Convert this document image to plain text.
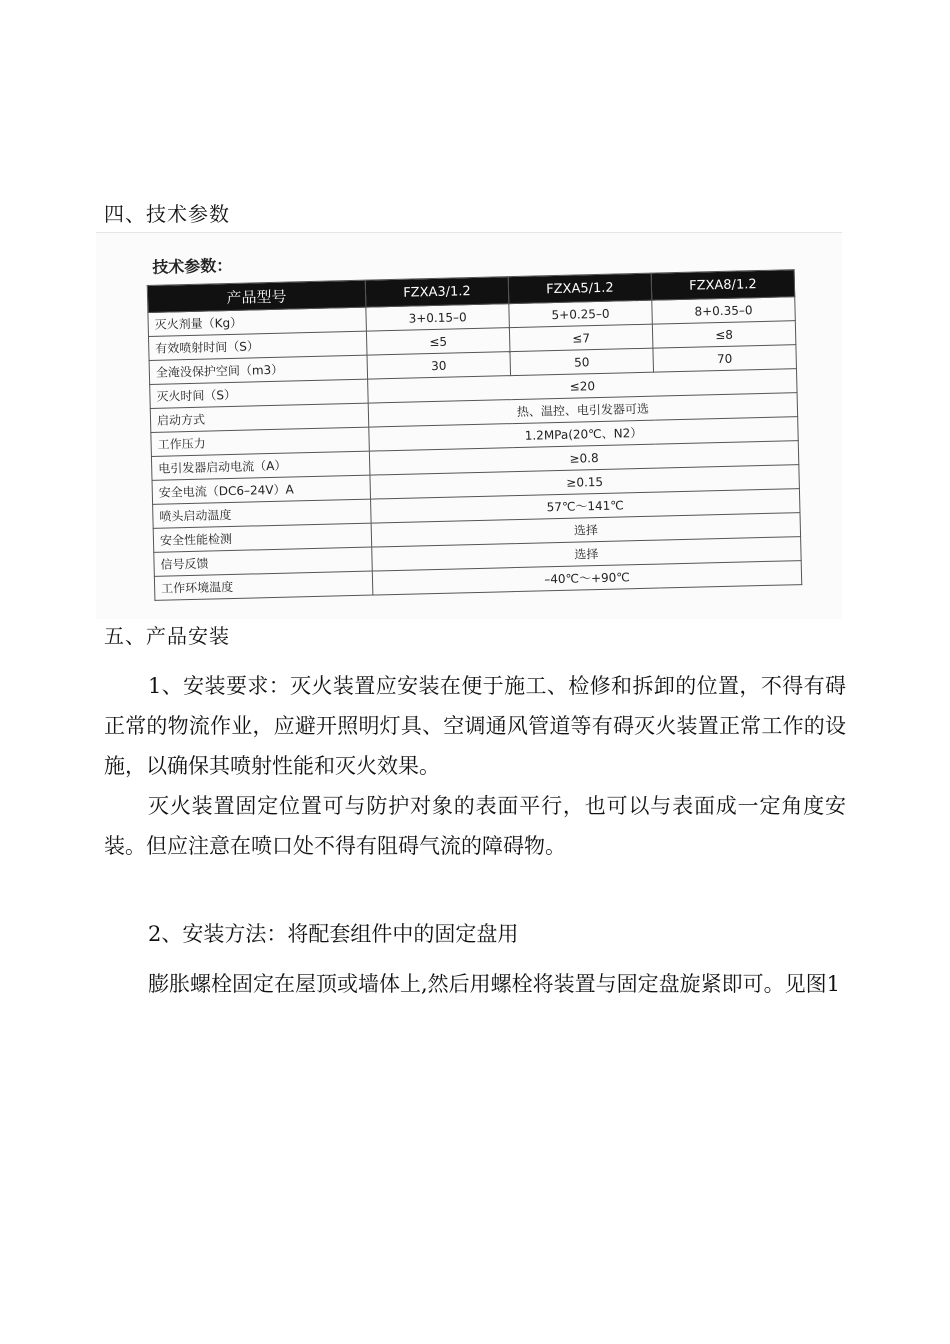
四、技术参数
技术参数：
产品型号	FZXA3/1.2	FZXA5/1.2	FZXA8/1.2
灭火剂量（Kg）	3+0.15–0	5+0.25–0	8+0.35–0
有效喷射时间（S）	≤5	≤7	≤8
全淹没保护空间（m3）	30	50	70
灭火时间（S）	≤20		
启动方式	热、温控、电引发器可选		
工作压力	1.2MPa(20℃、N2）		
电引发器启动电流（A）	≥0.8		
安全电流（DC6–24V）A	≥0.15		
喷头启动温度	57℃～141℃		
安全性能检测	选择		
信号反馈	选择		
工作环境温度	–40℃～+90℃		
五、产品安装
1、安装要求：灭火装置应安装在便于施工、检修和拆卸的位置，不得有碍正常的物流作业，应避开照明灯具、空调通风管道等有碍灭火装置正常工作的设施，以确保其喷射性能和灭火效果。
灭火装置固定位置可与防护对象的表面平行，也可以与表面成一定角度安装。但应注意在喷口处不得有阻碍气流的障碍物。
2、安装方法：将配套组件中的固定盘用
膨胀螺栓固定在屋顶或墙体上,然后用螺栓将装置与固定盘旋紧即可。见图1
